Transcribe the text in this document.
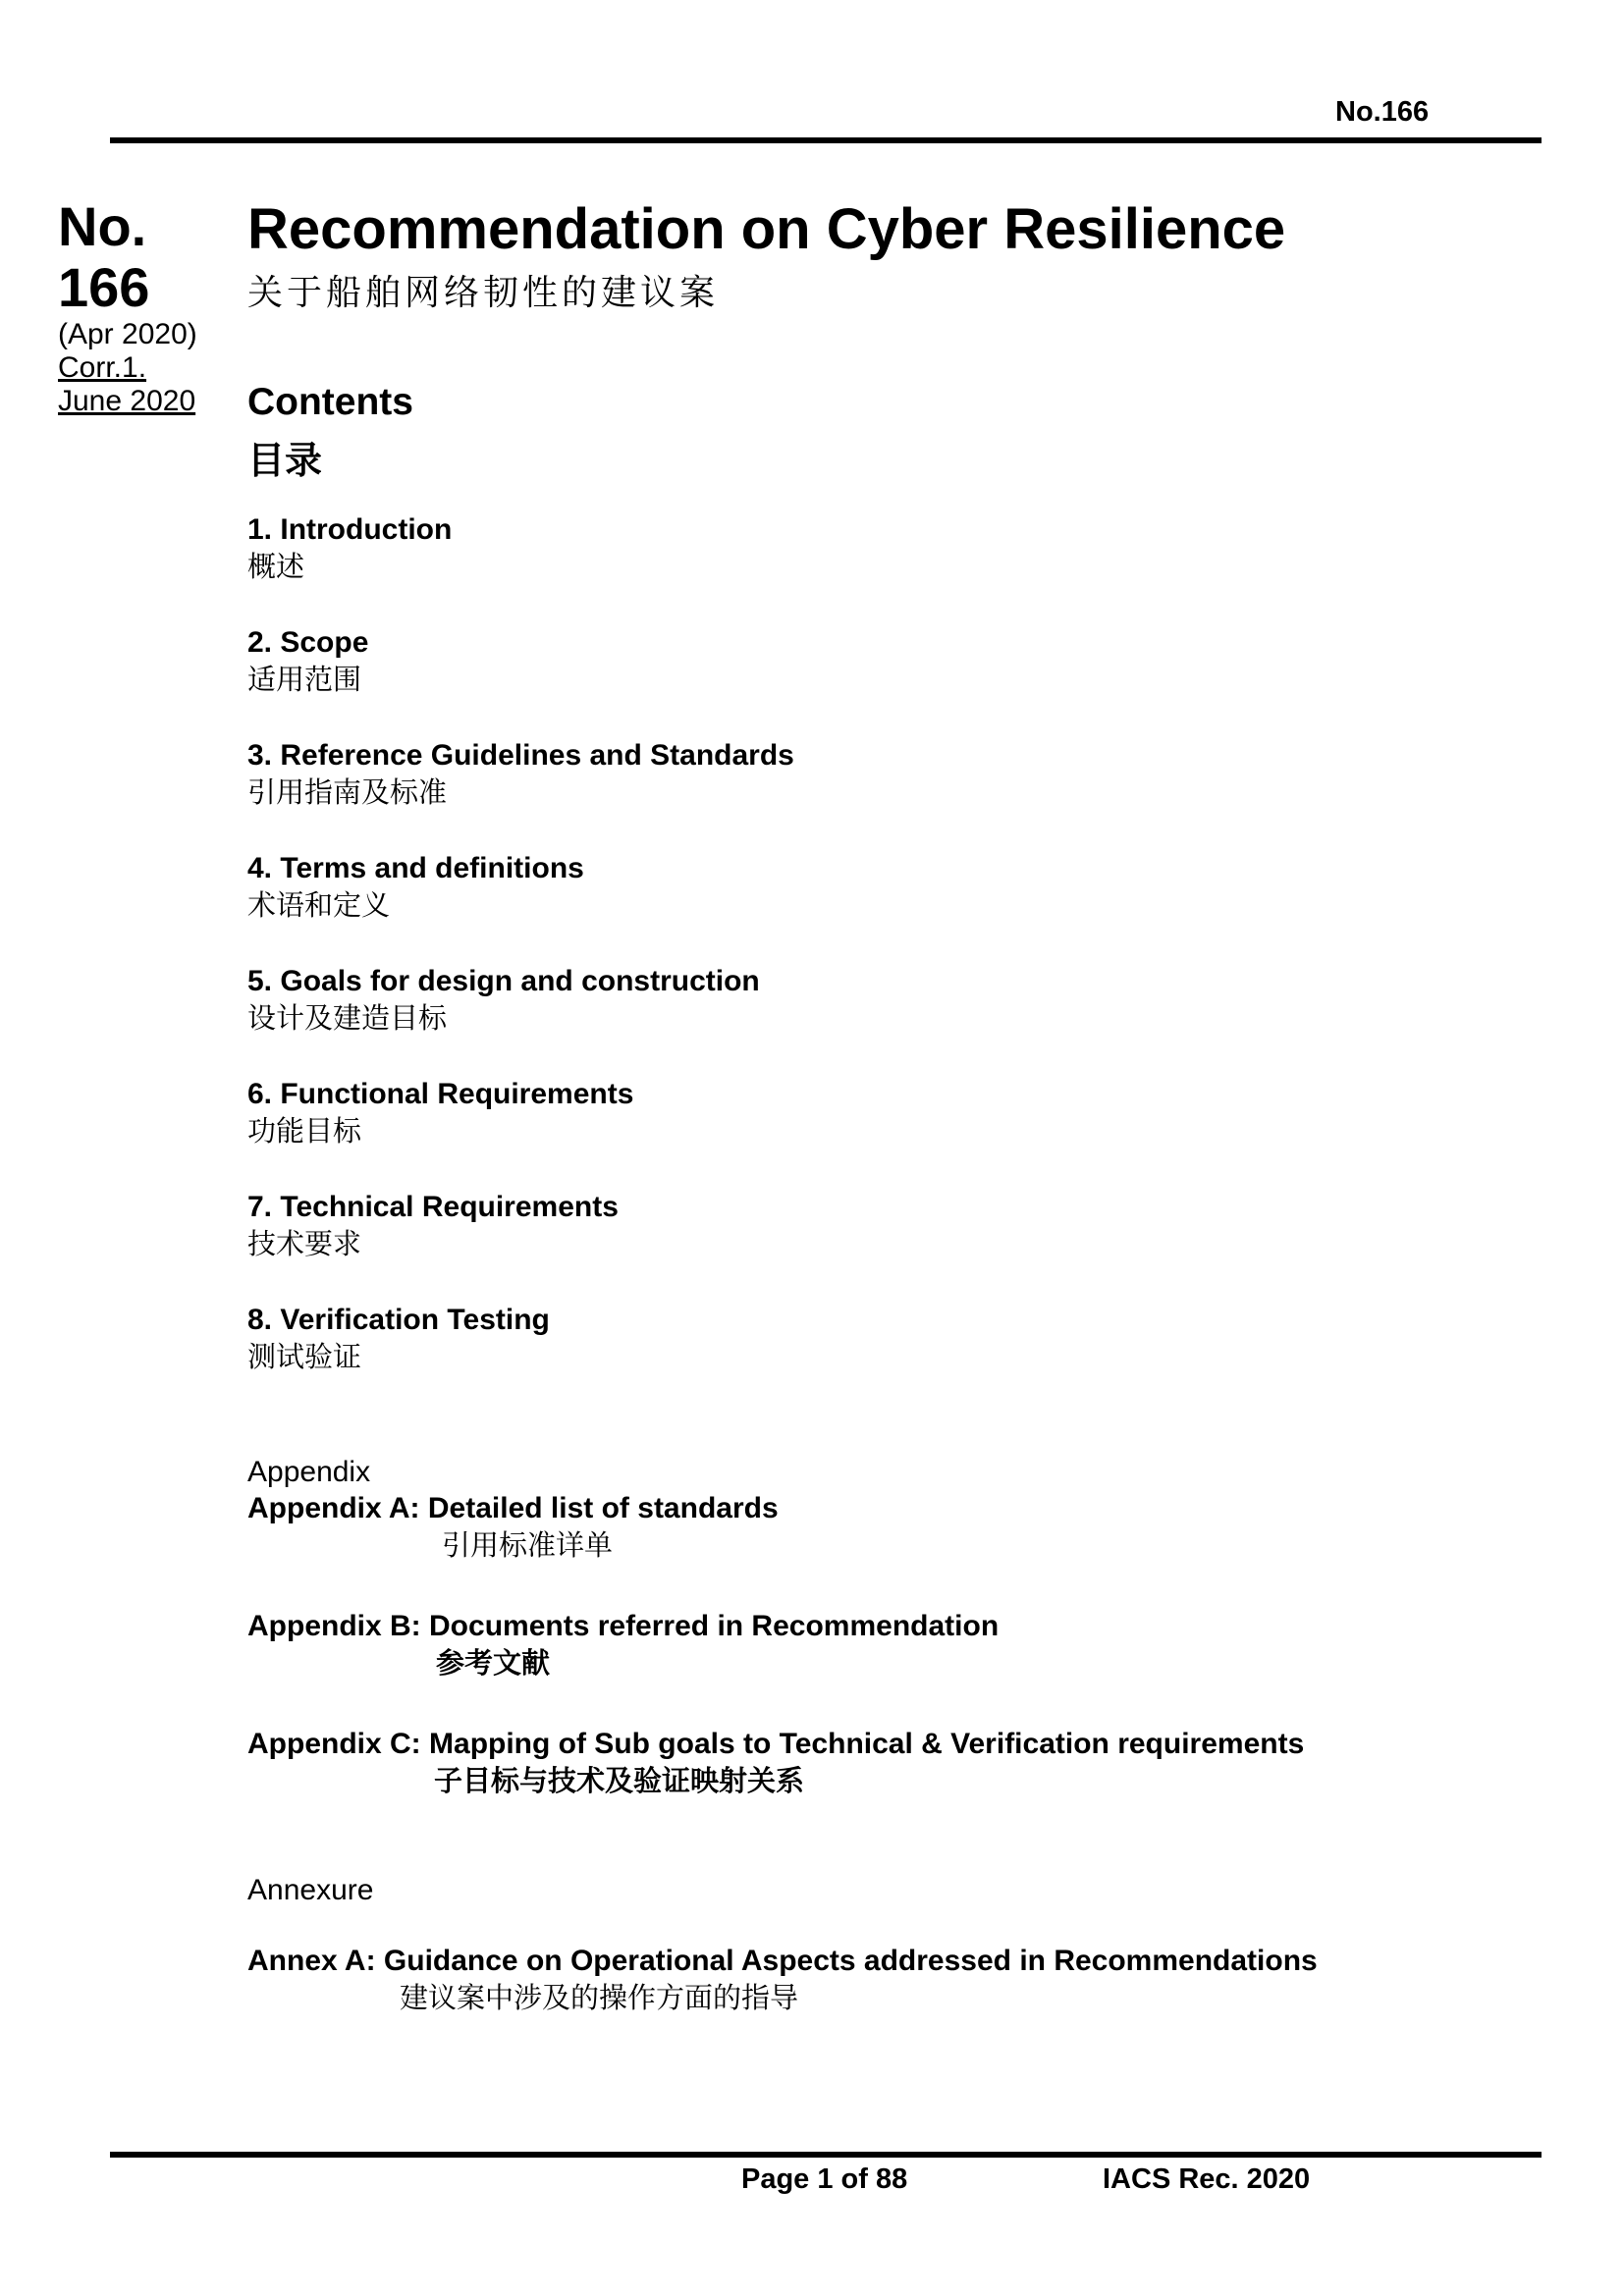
No.166
No.
166
(Apr 2020)
Corr.1.
June 2020
Recommendation on Cyber Resilience
关于船舶网络韧性的建议案
Contents
目录
1. Introduction
概述
2. Scope
适用范围
3. Reference Guidelines and Standards
引用指南及标准
4. Terms and definitions
术语和定义
5. Goals for design and construction
设计及建造目标
6. Functional Requirements
功能目标
7. Technical Requirements
技术要求
8. Verification Testing
测试验证
Appendix
Appendix A: Detailed list of standards
引用标准详单
Appendix B: Documents referred in Recommendation
参考文献
Appendix C: Mapping of Sub goals to Technical & Verification requirements
子目标与技术及验证映射关系
Annexure
Annex A: Guidance on Operational Aspects addressed in Recommendations
建议案中涉及的操作方面的指导
Page 1 of 88	IACS Rec. 2020
